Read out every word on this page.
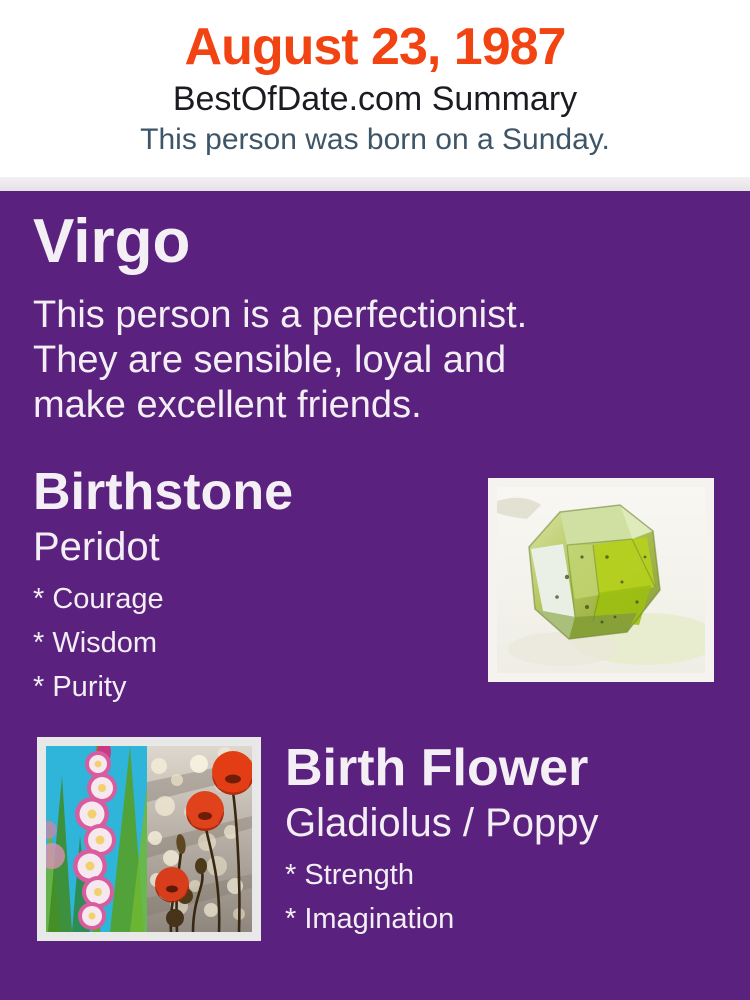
August 23, 1987
BestOfDate.com Summary
This person was born on a Sunday.
Virgo
This person is a perfectionist.
They are sensible, loyal and
make excellent friends.
Birthstone
Peridot
* Courage
* Wisdom
* Purity
Birth Flower
Gladiolus / Poppy
* Strength
* Imagination
